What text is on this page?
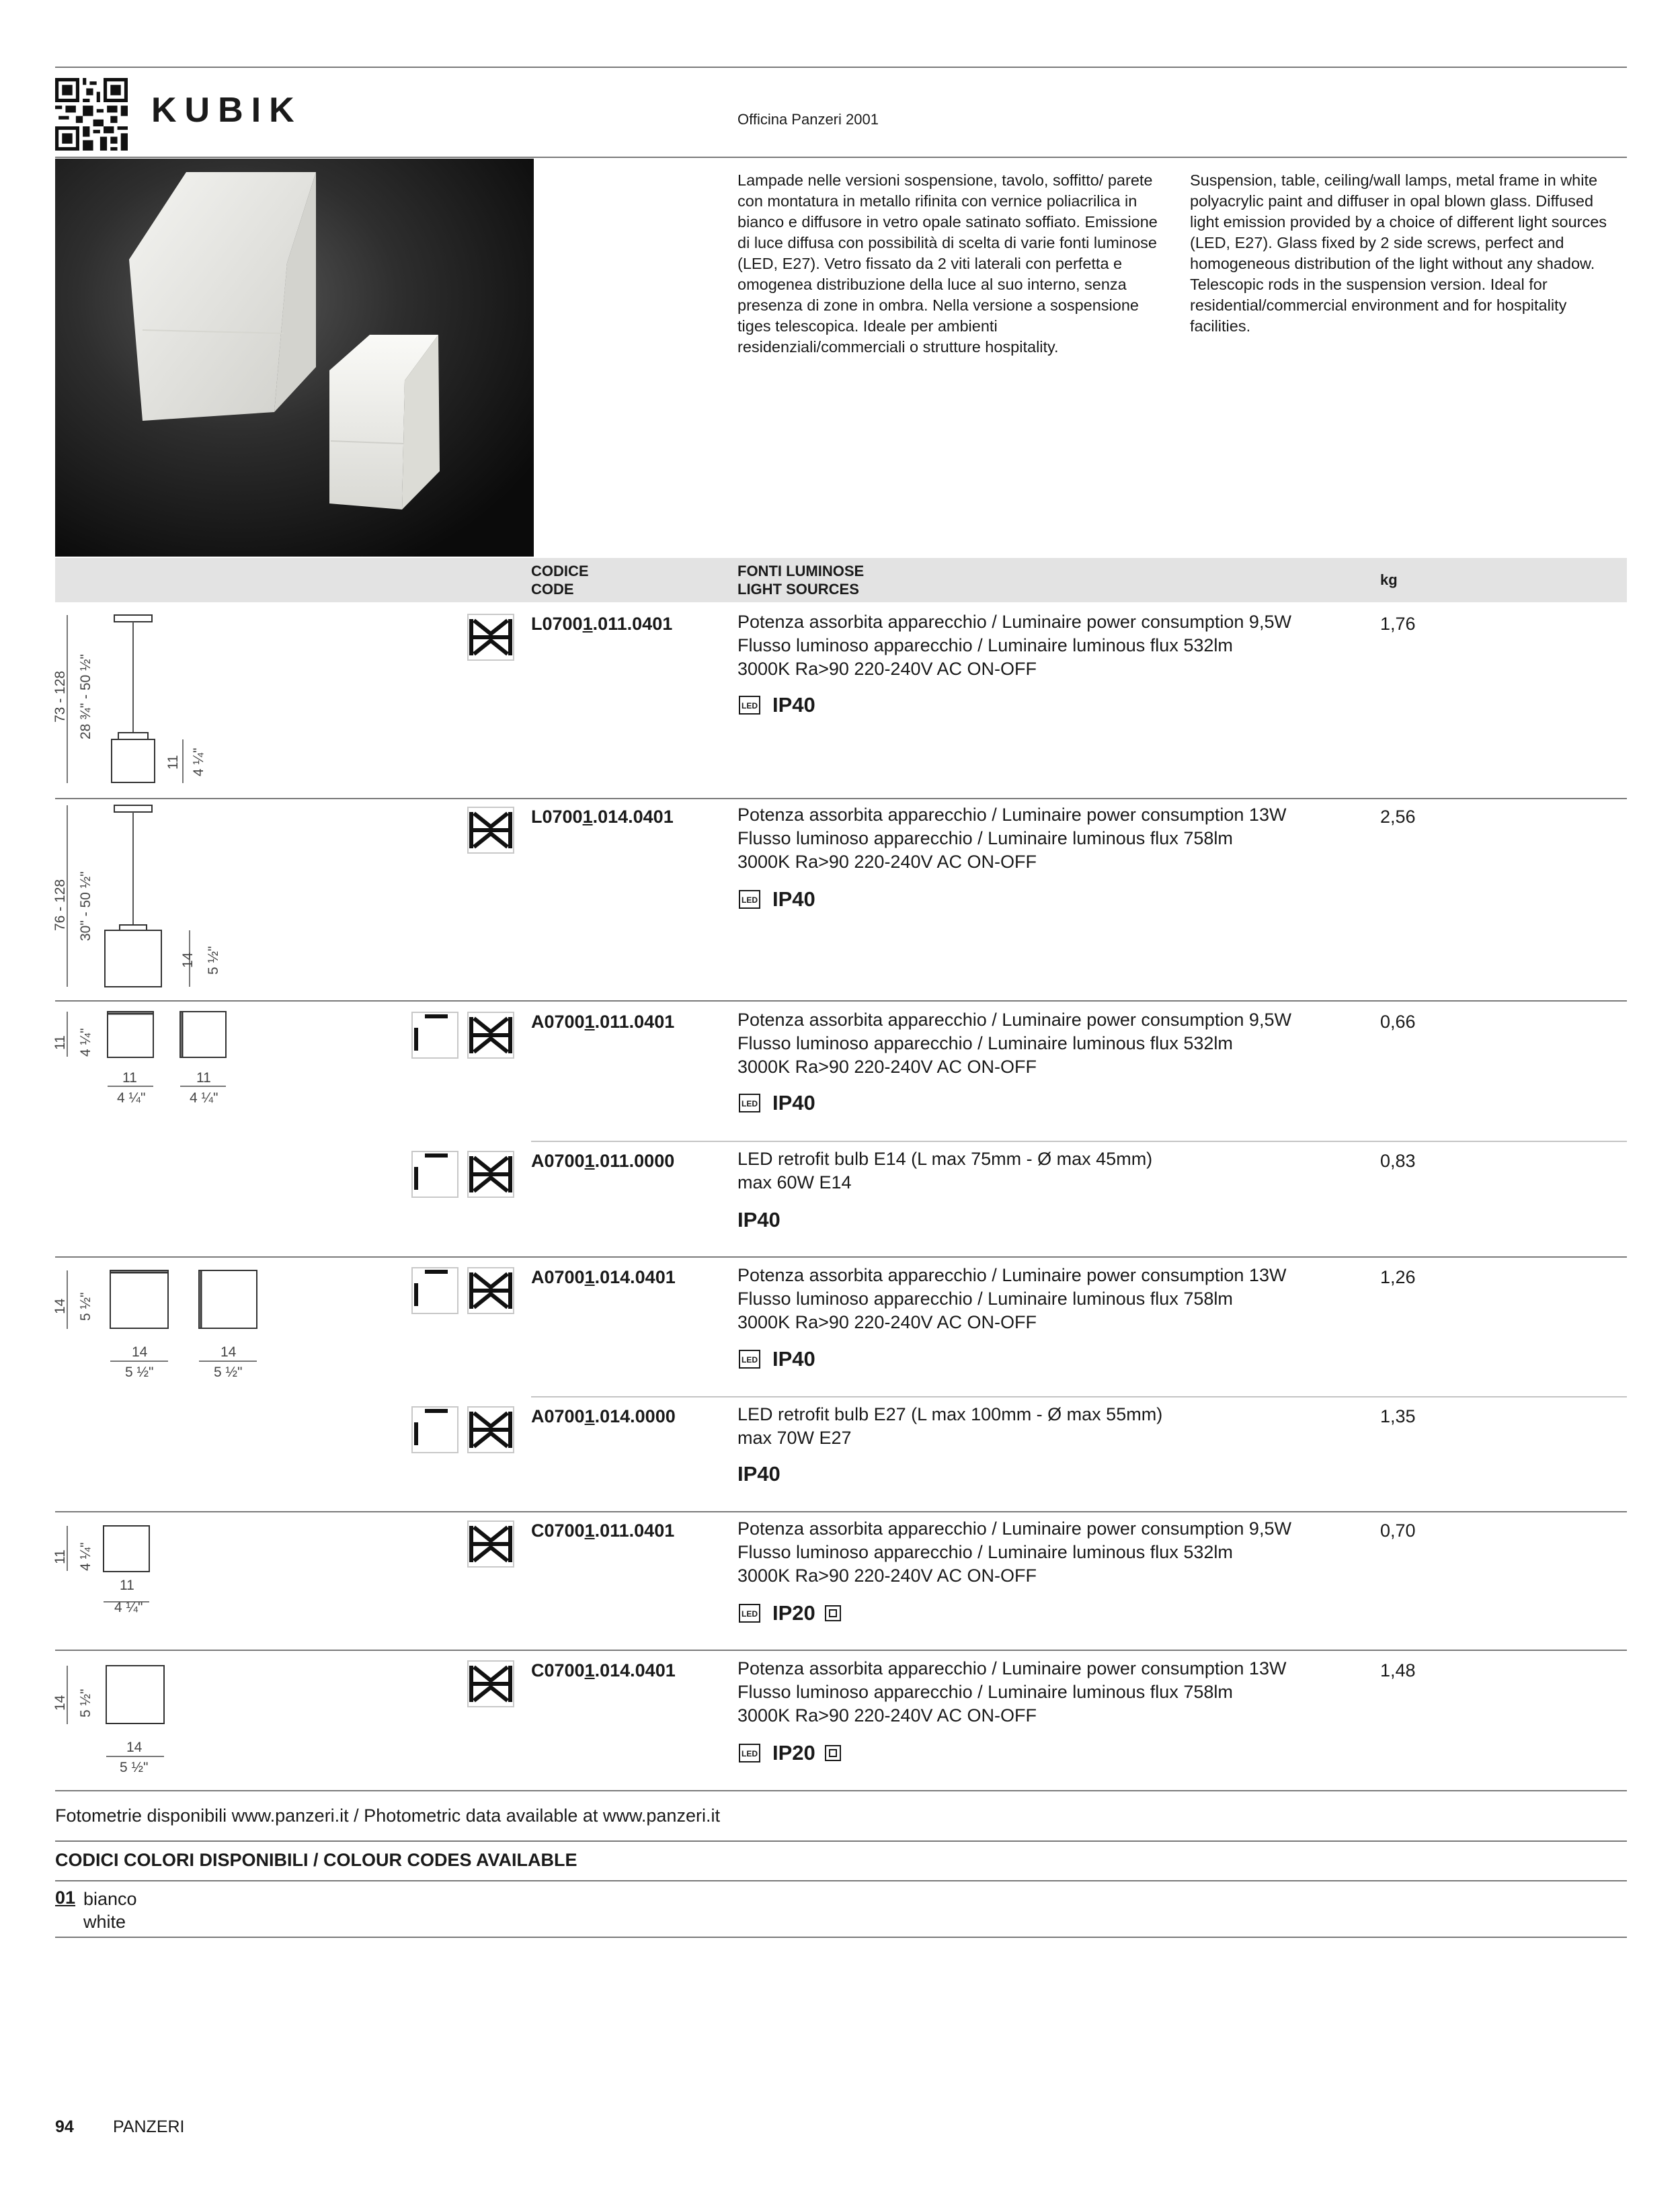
KUBIK	Officina Panzeri 2001
Lampade nelle versioni sospensione, tavolo, soffitto/ parete con montatura in metallo rifinita con vernice poliacrilica in bianco e diffusore in vetro opale satinato soffiato. Emissione di luce diffusa con possibilità di scelta di varie fonti luminose (LED, E27). Vetro fissato da 2 viti laterali con perfetta e omogenea distribuzione della luce al suo interno, senza presenza di zone in ombra. Nella versione a sospensione tiges telescopica. Ideale per ambienti residenziali/commerciali o strutture hospitality.
Suspension, table, ceiling/wall lamps, metal frame in white polyacrylic paint and diffuser in opal blown glass. Diffused light emission provided by a choice of different light sources (LED, E27). Glass fixed by 2 side screws, perfect and homogeneous distribution of the light without any shadow. Telescopic rods in the suspension version. Ideal for residential/commercial environment and for hospitality facilities.
CODICE
CODE
FONTI LUMINOSE
LIGHT SOURCES
kg
73 - 128 28 ¾" - 50 ½"
11 4 ¼"
76 - 128 30" - 50 ½"
14 5 ½"
11 4 ¼"
11
4 ¼"
11
4 ¼"
14 5 ½"
14
5 ½"
14
5 ½"
11 4 ¼"
11
4 ¼"
14 5 ½"
14
5 ½"
L07001.011.0401	Potenza assorbita apparecchio / Luminaire power consumption 9,5W
Flusso luminoso apparecchio / Luminaire luminous flux 532lm
3000K Ra>90 220-240V AC ON-OFF
LED IP40
1,76
L07001.014.0401	Potenza assorbita apparecchio / Luminaire power consumption 13W
Flusso luminoso apparecchio / Luminaire luminous flux 758lm
3000K Ra>90 220-240V AC ON-OFF
LED IP40
2,56
A07001.011.0401	Potenza assorbita apparecchio / Luminaire power consumption 9,5W
Flusso luminoso apparecchio / Luminaire luminous flux 532lm
3000K Ra>90 220-240V AC ON-OFF
LED IP40
0,66
A07001.011.0000	LED retrofit bulb E14 (L max 75mm - Ø max 45mm)
max 60W E14
IP40
0,83
A07001.014.0401	Potenza assorbita apparecchio / Luminaire power consumption 13W
Flusso luminoso apparecchio / Luminaire luminous flux 758lm
3000K Ra>90 220-240V AC ON-OFF
LED IP40
1,26
A07001.014.0000	LED retrofit bulb E27 (L max 100mm - Ø max 55mm)
max 70W E27
IP40
1,35
C07001.011.0401	Potenza assorbita apparecchio / Luminaire power consumption 9,5W
Flusso luminoso apparecchio / Luminaire luminous flux 532lm
3000K Ra>90 220-240V AC ON-OFF
LED IP20
0,70
C07001.014.0401	Potenza assorbita apparecchio / Luminaire power consumption 13W
Flusso luminoso apparecchio / Luminaire luminous flux 758lm
3000K Ra>90 220-240V AC ON-OFF
LED IP20
1,48
Fotometrie disponibili www.panzeri.it / Photometric data available at www.panzeri.it
CODICI COLORI DISPONIBILI / COLOUR CODES AVAILABLE
01 bianco
white
94 PANZERI
